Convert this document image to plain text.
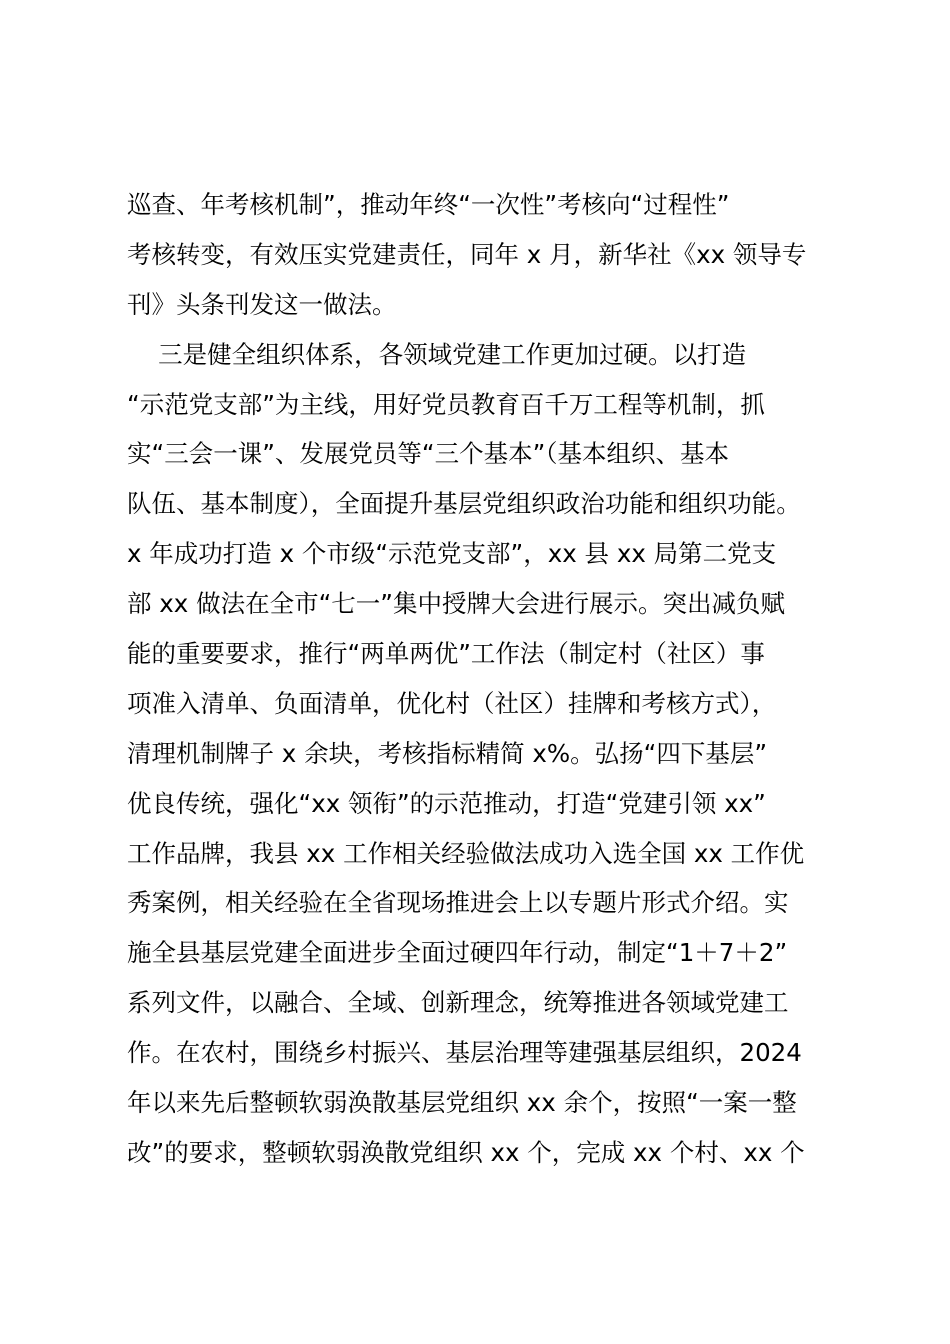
巡查、年考核机制”，推动年终“一次性”考核向“过程性”
考核转变，有效压实党建责任，同年 x 月，新华社《xx 领导专
刊》头条刊发这一做法。
三是健全组织体系，各领域党建工作更加过硬。以打造
“示范党支部”为主线，用好党员教育百千万工程等机制，抓
实“三会一课”、发展党员等“三个基本”（基本组织、基本
队伍、基本制度），全面提升基层党组织政治功能和组织功能。
x 年成功打造 x 个市级“示范党支部”，xx 县 xx 局第二党支
部 xx 做法在全市“七一”集中授牌大会进行展示。突出减负赋
能的重要要求，推行“两单两优”工作法（制定村（社区）事
项准入清单、负面清单，优化村（社区）挂牌和考核方式），
清理机制牌子 x 余块，考核指标精简 x%。弘扬“四下基层”
优良传统，强化“xx 领衔”的示范推动，打造“党建引领 xx”
工作品牌，我县 xx 工作相关经验做法成功入选全国 xx 工作优
秀案例，相关经验在全省现场推进会上以专题片形式介绍。实
施全县基层党建全面进步全面过硬四年行动，制定“1＋7＋2”
系列文件，以融合、全域、创新理念，统筹推进各领域党建工
作。在农村，围绕乡村振兴、基层治理等建强基层组织，2024
年以来先后整顿软弱涣散基层党组织 xx 余个，按照“一案一整
改”的要求，整顿软弱涣散党组织 xx 个，完成 xx 个村、xx 个
